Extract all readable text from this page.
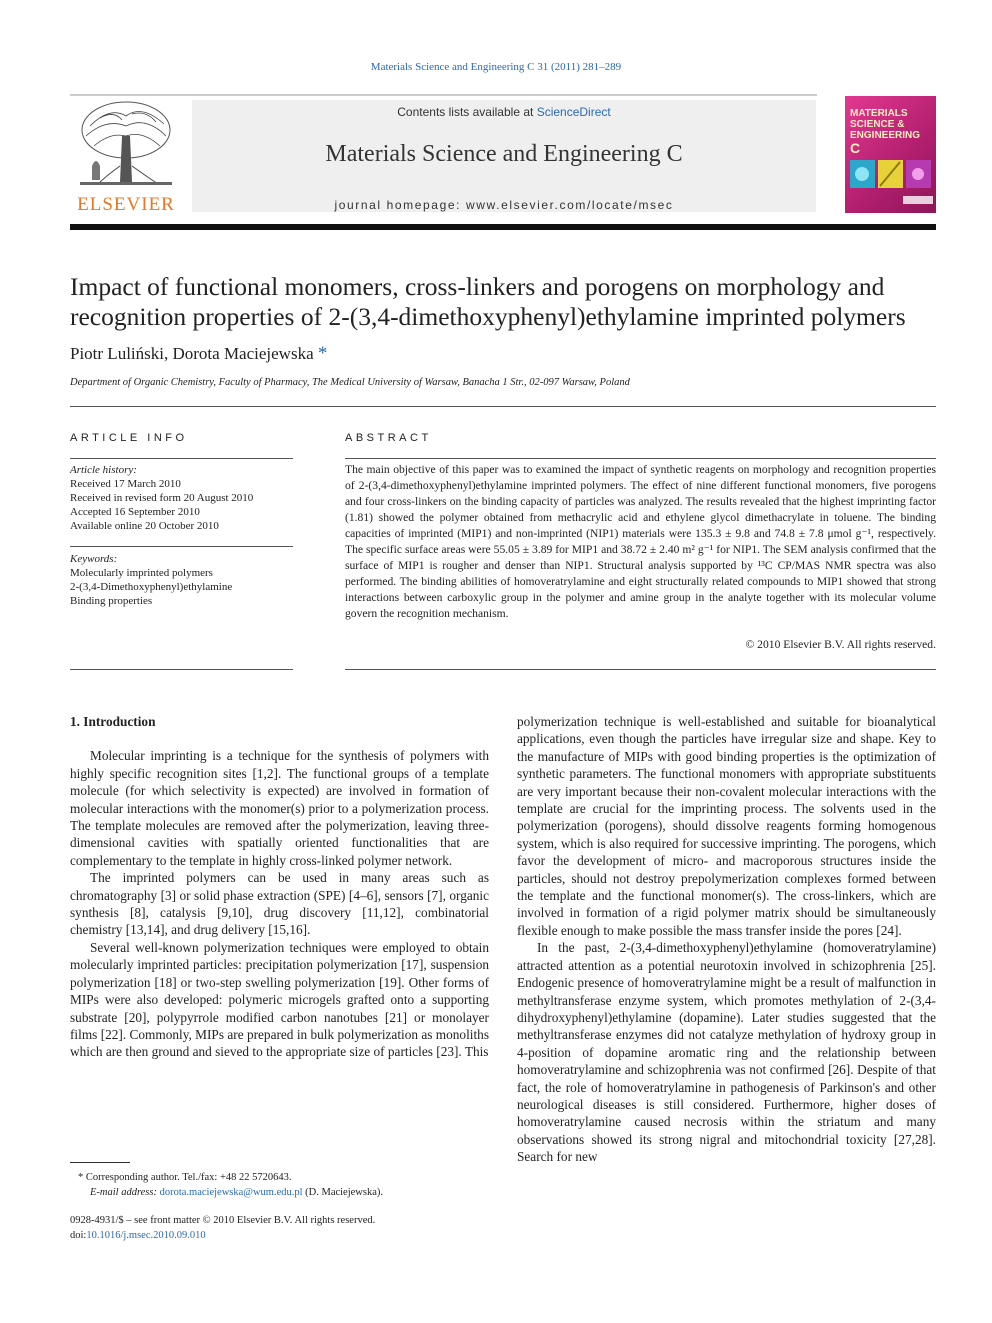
Materials Science and Engineering C 31 (2011) 281–289
ELSEVIER
Contents lists available at ScienceDirect
Materials Science and Engineering C
journal homepage: www.elsevier.com/locate/msec
MATERIALS SCIENCE & ENGINEERING
C
Impact of functional monomers, cross-linkers and porogens on morphology and recognition properties of 2-(3,4-dimethoxyphenyl)ethylamine imprinted polymers
Piotr Luliński, Dorota Maciejewska *
Department of Organic Chemistry, Faculty of Pharmacy, The Medical University of Warsaw, Banacha 1 Str., 02-097 Warsaw, Poland
ARTICLE INFO
Article history:
Received 17 March 2010
Received in revised form 20 August 2010
Accepted 16 September 2010
Available online 20 October 2010
Keywords:
Molecularly imprinted polymers
2-(3,4-Dimethoxyphenyl)ethylamine
Binding properties
ABSTRACT
The main objective of this paper was to examined the impact of synthetic reagents on morphology and recognition properties of 2-(3,4-dimethoxyphenyl)ethylamine imprinted polymers. The effect of nine different functional monomers, five porogens and four cross-linkers on the binding capacity of particles was analyzed. The results revealed that the highest imprinting factor (1.81) showed the polymer obtained from methacrylic acid and ethylene glycol dimethacrylate in toluene. The binding capacities of imprinted (MIP1) and non-imprinted (NIP1) materials were 135.3 ± 9.8 and 74.8 ± 7.8 μmol g⁻¹, respectively. The specific surface areas were 55.05 ± 3.89 for MIP1 and 38.72 ± 2.40 m² g⁻¹ for NIP1. The SEM analysis confirmed that the surface of MIP1 is rougher and denser than NIP1. Structural analysis supported by ¹³C CP/MAS NMR spectra was also performed. The binding abilities of homoveratrylamine and eight structurally related compounds to MIP1 showed that strong interactions between carboxylic group in the polymer and amine group in the analyte together with its molecular volume govern the recognition mechanism.
© 2010 Elsevier B.V. All rights reserved.
1. Introduction

Molecular imprinting is a technique for the synthesis of polymers with highly specific recognition sites [1,2]. The functional groups of a template molecule (for which selectivity is expected) are involved in formation of molecular interactions with the monomer(s) prior to a polymerization process. The template molecules are removed after the polymerization, leaving three-dimensional cavities with spatially oriented functionalities that are complementary to the template in highly cross-linked polymer network.

The imprinted polymers can be used in many areas such as chromatography [3] or solid phase extraction (SPE) [4–6], sensors [7], organic synthesis [8], catalysis [9,10], drug discovery [11,12], combinatorial chemistry [13,14], and drug delivery [15,16].

Several well-known polymerization techniques were employed to obtain molecularly imprinted particles: precipitation polymerization [17], suspension polymerization [18] or two-step swelling polymerization [19]. Other forms of MIPs were also developed: polymeric microgels grafted onto a supporting substrate [20], polypyrrole modified carbon nanotubes [21] or monolayer films [22]. Commonly, MIPs are prepared in bulk polymerization as monoliths which are then ground and sieved to the appropriate size of particles [23]. This

polymerization technique is well-established and suitable for bioanalytical applications, even though the particles have irregular size and shape. Key to the manufacture of MIPs with good binding properties is the optimization of synthetic parameters. The functional monomers with appropriate substituents are very important because their non-covalent molecular interactions with the template are crucial for the imprinting process. The solvents used in the polymerization (porogens), should dissolve reagents forming homogenous system, which is also required for successive imprinting. The porogens, which favor the development of micro- and macroporous structures inside the particles, should not destroy prepolymerization complexes formed between the template and the functional monomer(s). The cross-linkers, which are involved in formation of a rigid polymer matrix should be simultaneously flexible enough to make possible the mass transfer inside the pores [24].

In the past, 2-(3,4-dimethoxyphenyl)ethylamine (homoveratrylamine) attracted attention as a potential neurotoxin involved in schizophrenia [25]. Endogenic presence of homoveratrylamine might be a result of malfunction in methyltransferase enzyme system, which promotes methylation of 2-(3,4-dihydroxyphenyl)ethylamine (dopamine). Later studies suggested that the methyltransferase enzymes did not catalyze methylation of hydroxy group in 4-position of dopamine aromatic ring and the relationship between homoveratrylamine and schizophrenia was not confirmed [26]. Despite of that fact, the role of homoveratrylamine in pathogenesis of Parkinson's and other neurological diseases is still considered. Furthermore, higher doses of homoveratrylamine caused necrosis within the striatum and many observations showed its strong nigral and mitochondrial toxicity [27,28]. Search for new

* Corresponding author. Tel./fax: +48 22 5720643.
E-mail address: dorota.maciejewska@wum.edu.pl (D. Maciejewska).
0928-4931/$ – see front matter © 2010 Elsevier B.V. All rights reserved.
doi:10.1016/j.msec.2010.09.010
